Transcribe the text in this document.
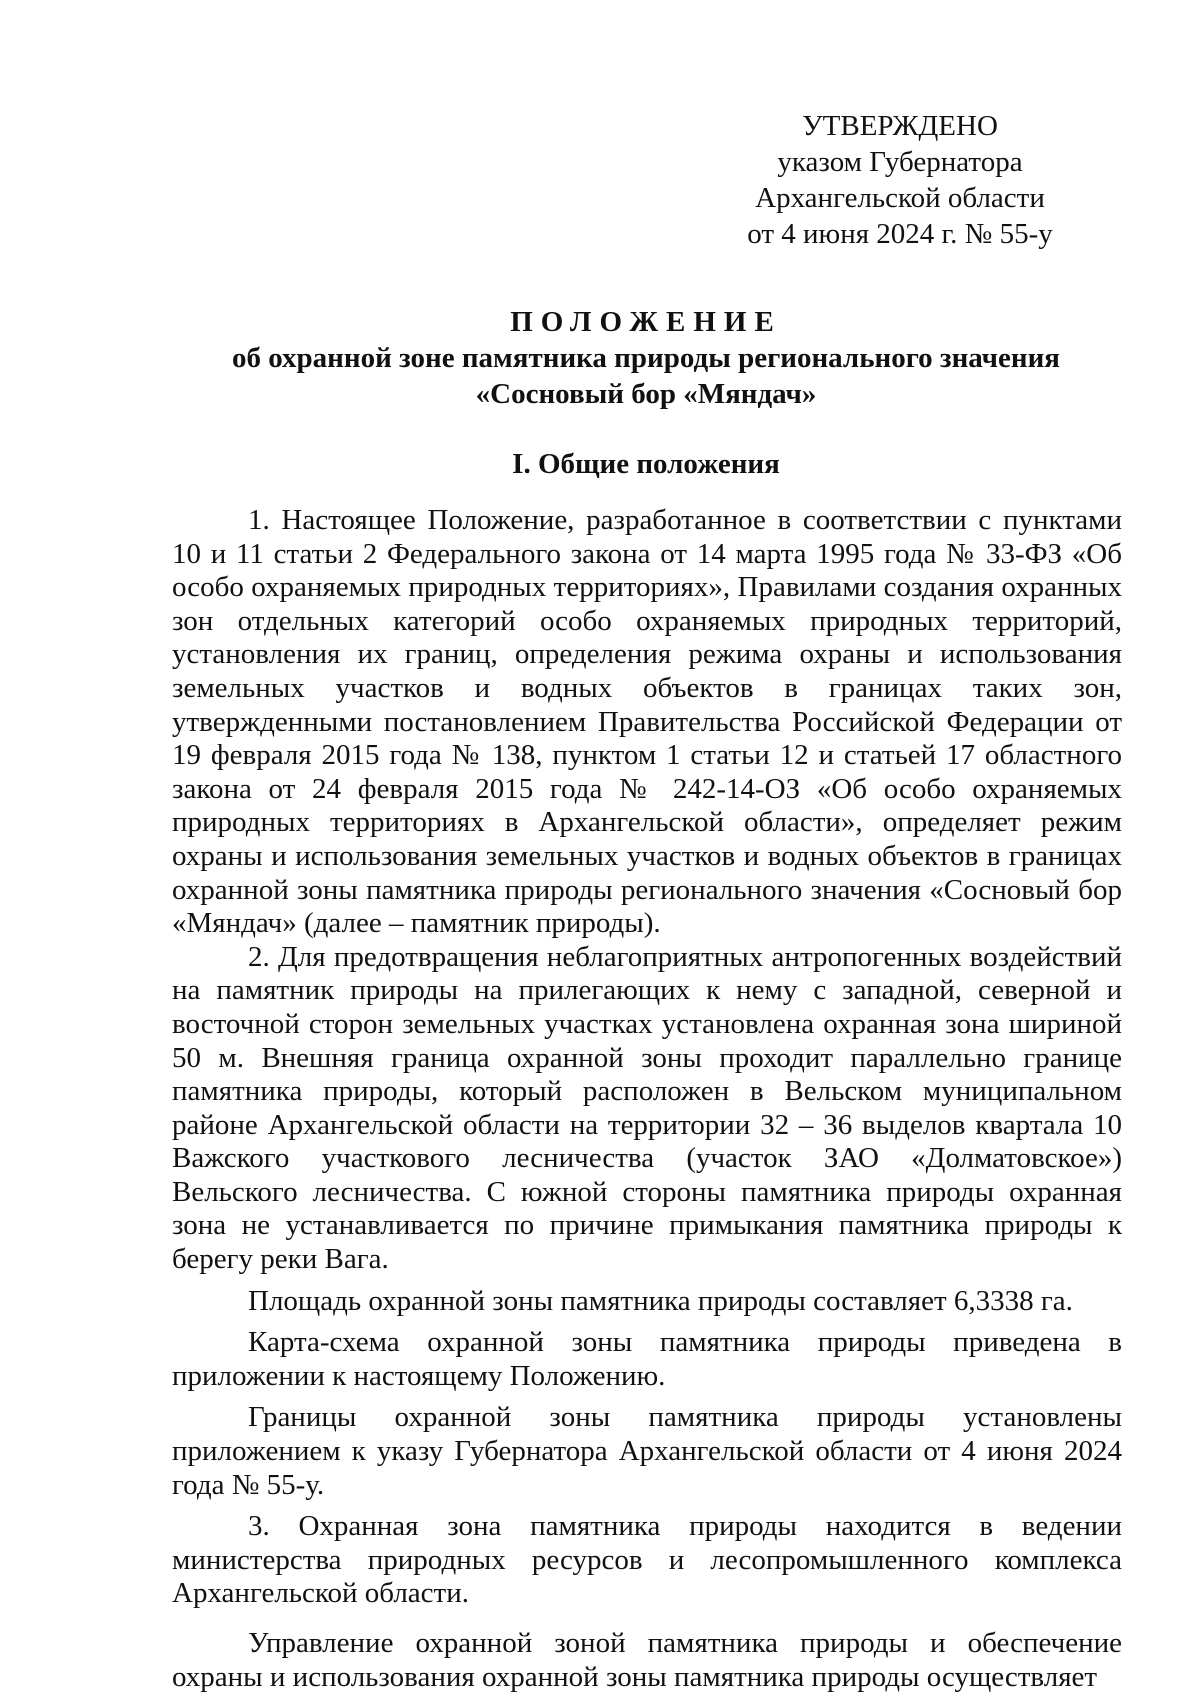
УТВЕРЖДЕНО
указом Губернатора
Архангельской области
от 4 июня 2024 г. № 55-у
ПОЛОЖЕНИЕ
об охранной зоне памятника природы регионального значения
«Сосновый бор «Мяндач»
I. Общие положения

1. Настоящее Положение, разработанное в соответствии с пунктами 10 и 11 статьи 2 Федерального закона от 14 марта 1995 года № 33-ФЗ «Об особо охраняемых природных территориях», Правилами создания охранных зон отдельных категорий особо охраняемых природных территорий, установления их границ, определения режима охраны и использования земельных участков и водных объектов в границах таких зон, утвержденными постановлением Правительства Российской Федерации от 19 февраля 2015 года № 138, пунктом 1 статьи 12 и статьей 17 областного закона от 24 февраля 2015 года № 242-14-ОЗ «Об особо охраняемых природных территориях в Архангельской области», определяет режим охраны и использования земельных участков и водных объектов в границах охранной зоны памятника природы регионального значения «Сосновый бор «Мяндач» (далее – памятник природы).

2. Для предотвращения неблагоприятных антропогенных воздействий на памятник природы на прилегающих к нему с западной, северной и восточной сторон земельных участках установлена охранная зона шириной 50 м. Внешняя граница охранной зоны проходит параллельно границе памятника природы, который расположен в Вельском муниципальном районе Архангельской области на территории 32 – 36 выделов квартала 10 Важского участкового лесничества (участок ЗАО «Долматовское») Вельского лесничества. С южной стороны памятника природы охранная зона не устанавливается по причине примыкания памятника природы к берегу реки Вага.

Площадь охранной зоны памятника природы составляет 6,3338 га.

Карта-схема охранной зоны памятника природы приведена в приложении к настоящему Положению.

Границы охранной зоны памятника природы установлены приложением к указу Губернатора Архангельской области от 4 июня 2024 года № 55-у.

3. Охранная зона памятника природы находится в ведении министерства природных ресурсов и лесопромышленного комплекса Архангельской области.

Управление охранной зоной памятника природы и обеспечение охраны и использования охранной зоны памятника природы осуществляет
